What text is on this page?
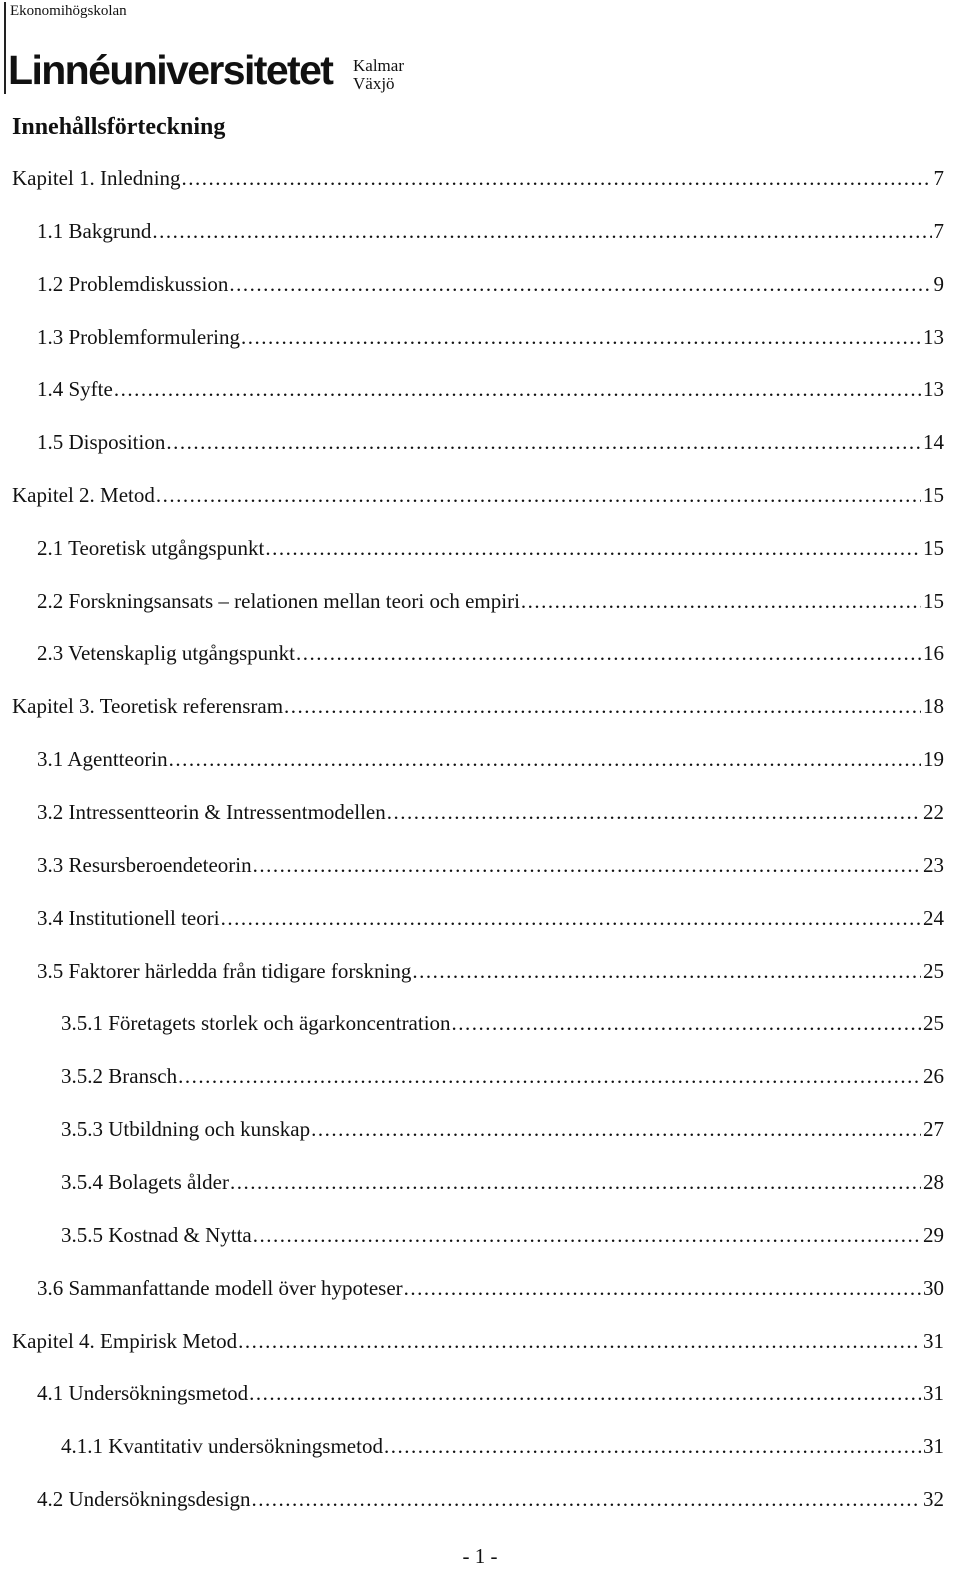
Ekonomihögskolan
Linnéuniversitetet Kalmar
Växjö
Innehållsförteckning
Kapitel 1. Inledning .....	7
1.1 Bakgrund .....	7
1.2 Problemdiskussion .....	9
1.3 Problemformulering .....	13
1.4 Syfte .....	13
1.5 Disposition .....	14
Kapitel 2. Metod .....	15
2.1 Teoretisk utgångspunkt .....	15
2.2 Forskningsansats – relationen mellan teori och empiri .....	15
2.3 Vetenskaplig utgångspunkt .....	16
Kapitel 3. Teoretisk referensram .....	18
3.1 Agentteorin .....	19
3.2 Intressentteorin & Intressentmodellen .....	22
3.3 Resursberoendeteorin .....	23
3.4 Institutionell teori .....	24
3.5 Faktorer härledda från tidigare forskning .....	25
3.5.1 Företagets storlek och ägarkoncentration .....	25
3.5.2 Bransch .....	26
3.5.3 Utbildning och kunskap .....	27
3.5.4 Bolagets ålder .....	28
3.5.5 Kostnad & Nytta .....	29
3.6 Sammanfattande modell över hypoteser .....	30
Kapitel 4. Empirisk Metod .....	31
4.1 Undersökningsmetod .....	31
4.1.1 Kvantitativ undersökningsmetod .....	31
4.2 Undersökningsdesign .....	32
- 1 -
